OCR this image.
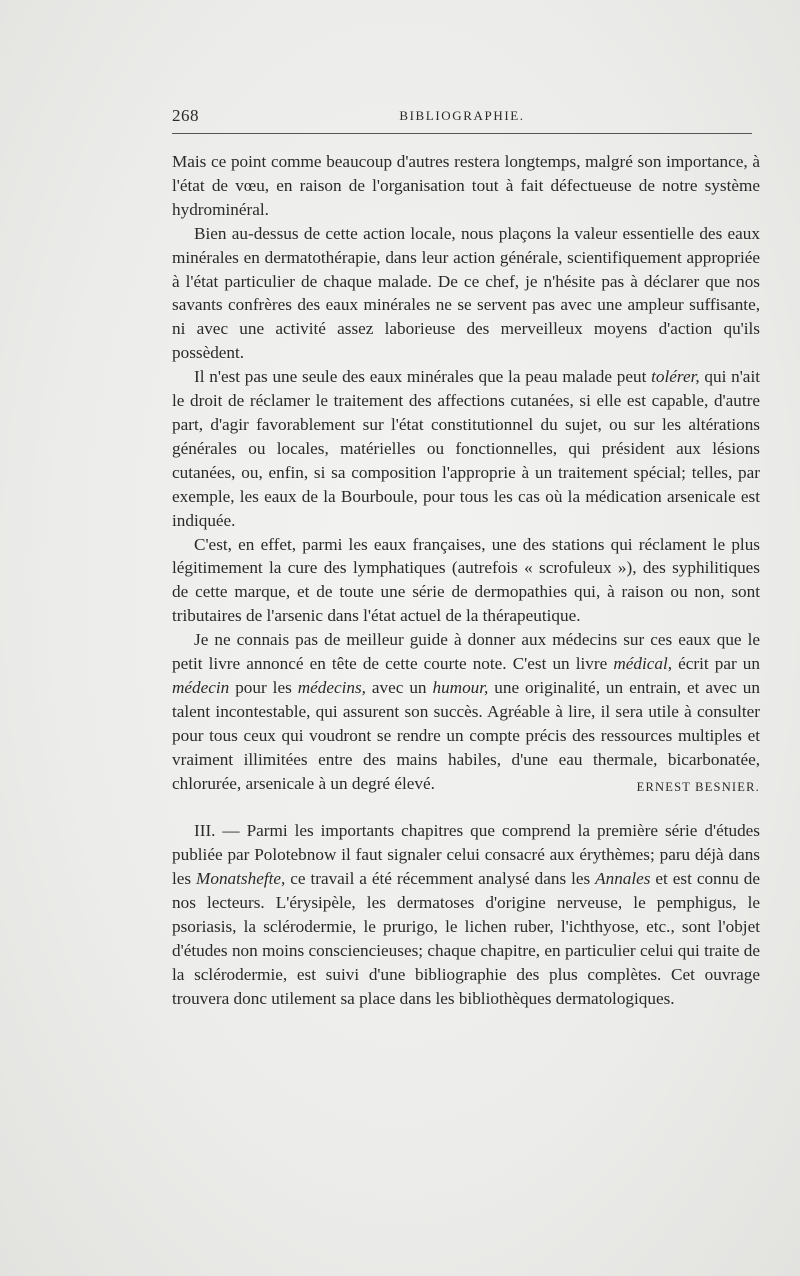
268	BIBLIOGRAPHIE.

Mais ce point comme beaucoup d'autres restera longtemps, malgré son importance, à l'état de vœu, en raison de l'organisation tout à fait défectueuse de notre système hydrominéral.

Bien au-dessus de cette action locale, nous plaçons la valeur essentielle des eaux minérales en dermatothérapie, dans leur action générale, scientifiquement appropriée à l'état particulier de chaque malade. De ce chef, je n'hésite pas à déclarer que nos savants confrères des eaux minérales ne se servent pas avec une ampleur suffisante, ni avec une activité assez laborieuse des merveilleux moyens d'action qu'ils possèdent.

Il n'est pas une seule des eaux minérales que la peau malade peut tolérer, qui n'ait le droit de réclamer le traitement des affections cutanées, si elle est capable, d'autre part, d'agir favorablement sur l'état constitutionnel du sujet, ou sur les altérations générales ou locales, matérielles ou fonctionnelles, qui président aux lésions cutanées, ou, enfin, si sa composition l'approprie à un traitement spécial; telles, par exemple, les eaux de la Bourboule, pour tous les cas où la médication arsenicale est indiquée.

C'est, en effet, parmi les eaux françaises, une des stations qui réclament le plus légitimement la cure des lymphatiques (autrefois « scrofuleux »), des syphilitiques de cette marque, et de toute une série de dermopathies qui, à raison ou non, sont tributaires de l'arsenic dans l'état actuel de la thérapeutique.

Je ne connais pas de meilleur guide à donner aux médecins sur ces eaux que le petit livre annoncé en tête de cette courte note. C'est un livre médical, écrit par un médecin pour les médecins, avec un humour, une originalité, un entrain, et avec un talent incontestable, qui assurent son succès. Agréable à lire, il sera utile à consulter pour tous ceux qui voudront se rendre un compte précis des ressources multiples et vraiment illimitées entre des mains habiles, d'une eau thermale, bicarbonatée, chlorurée, arsenicale à un degré élevé.	ERNEST BESNIER.

III. — Parmi les importants chapitres que comprend la première série d'études publiée par Polotebnow il faut signaler celui consacré aux érythèmes; paru déjà dans les Monatshefte, ce travail a été récemment analysé dans les Annales et est connu de nos lecteurs. L'érysipèle, les dermatoses d'origine nerveuse, le pemphigus, le psoriasis, la sclérodermie, le prurigo, le lichen ruber, l'ichthyose, etc., sont l'objet d'études non moins consciencieuses; chaque chapitre, en particulier celui qui traite de la sclérodermie, est suivi d'une bibliographie des plus complètes. Cet ouvrage trouvera donc utilement sa place dans les bibliothèques dermatologiques.
